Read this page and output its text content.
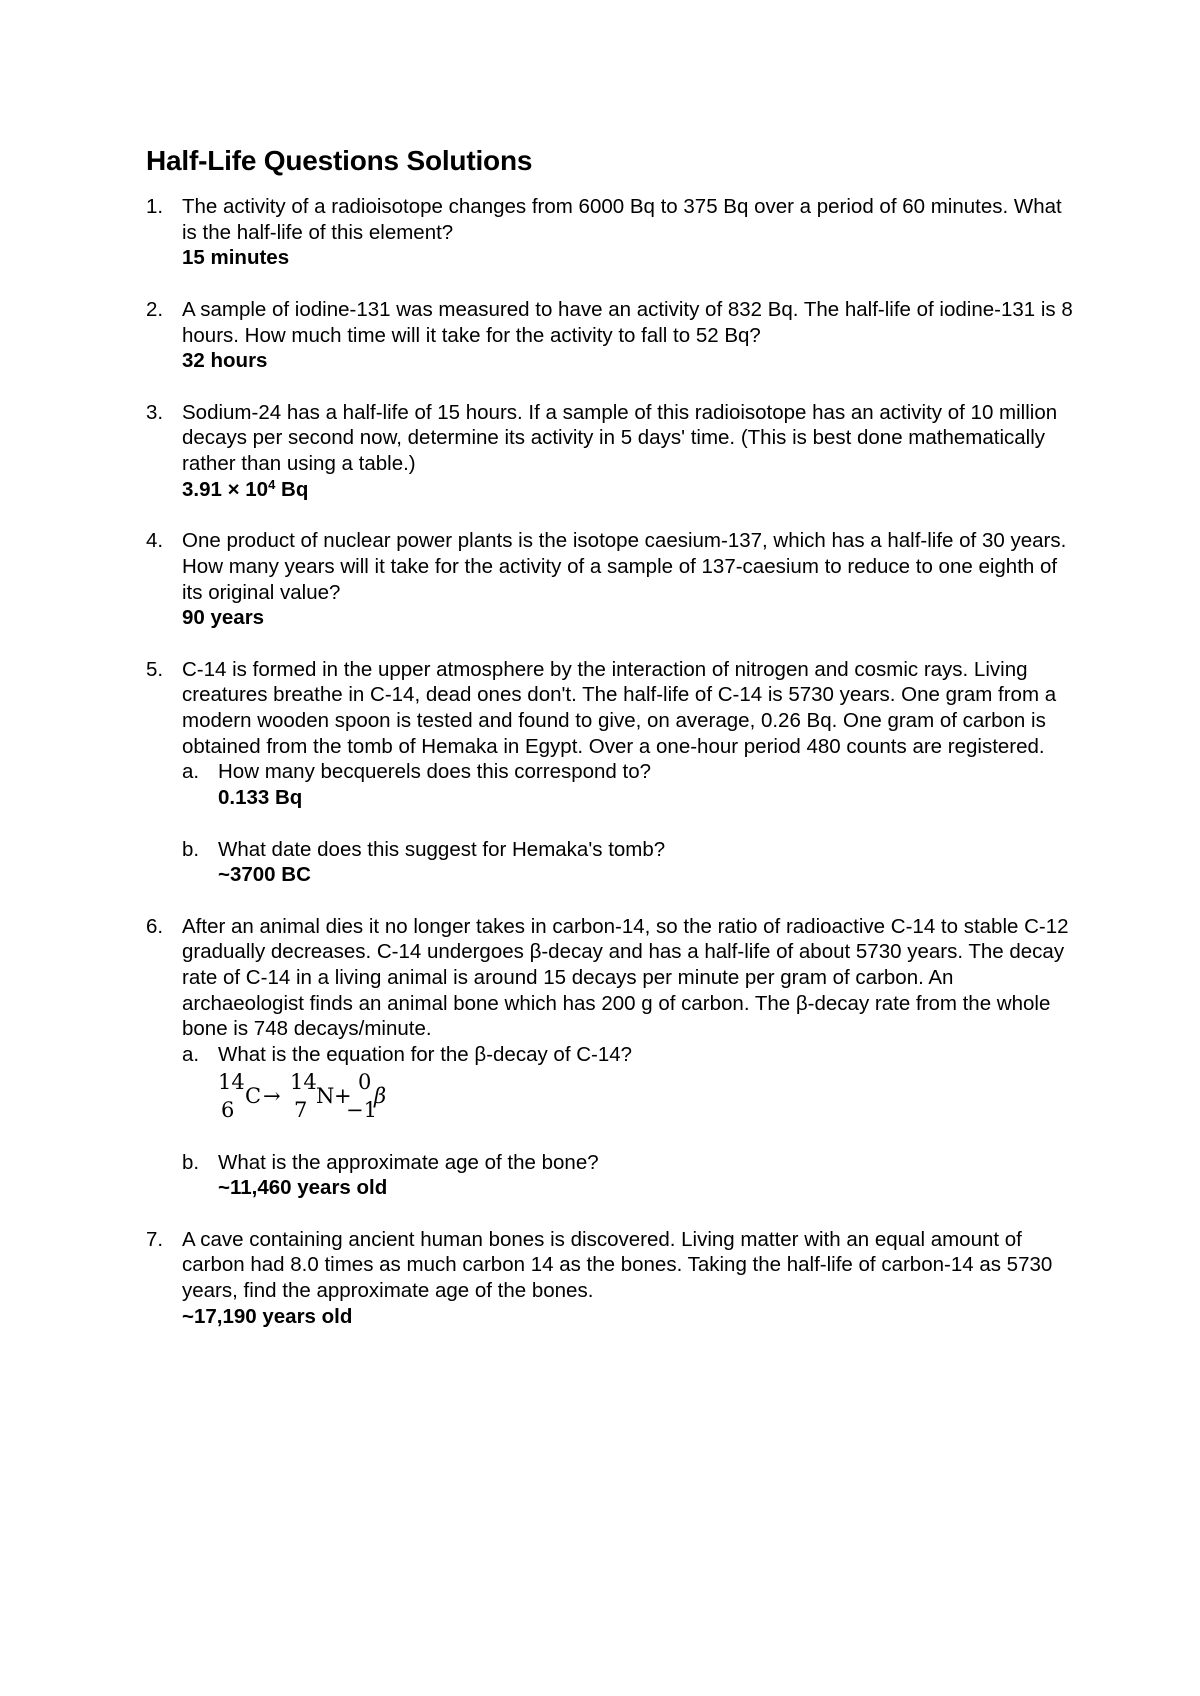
Half-Life Questions Solutions
1. The activity of a radioisotope changes from 6000 Bq to 375 Bq over a period of 60 minutes. What is the half-life of this element?
15 minutes
2. A sample of iodine-131 was measured to have an activity of 832 Bq. The half-life of iodine-131 is 8 hours. How much time will it take for the activity to fall to 52 Bq?
32 hours
3. Sodium-24 has a half-life of 15 hours. If a sample of this radioisotope has an activity of 10 million decays per second now, determine its activity in 5 days' time. (This is best done mathematically rather than using a table.)
$3.91 \times 10^4$ Bq
4. One product of nuclear power plants is the isotope caesium-137, which has a half-life of 30 years. How many years will it take for the activity of a sample of 137-caesium to reduce to one eighth of its original value?
90 years
5. C-14 is formed in the upper atmosphere by the interaction of nitrogen and cosmic rays. Living creatures breathe in C-14, dead ones don't. The half-life of C-14 is 5730 years. One gram from a modern wooden spoon is tested and found to give, on average, 0.26 Bq. One gram of carbon is obtained from the tomb of Hemaka in Egypt. Over a one-hour period 480 counts are registered.
a. How many becquerels does this correspond to?
0.133 Bq
b. What date does this suggest for Hemaka's tomb?
~3700 BC
6. After an animal dies it no longer takes in carbon-14, so the ratio of radioactive C-14 to stable C-12 gradually decreases. C-14 undergoes β-decay and has a half-life of about 5730 years. The decay rate of C-14 in a living animal is around 15 decays per minute per gram of carbon. An archaeologist finds an animal bone which has 200 g of carbon. The β-decay rate from the whole bone is 748 decays/minute.
a. What is the equation for the β-decay of C-14?
14
6
C →
14
7
N +
0
−1
β
b. What is the approximate age of the bone?
~11,460 years old
7. A cave containing ancient human bones is discovered. Living matter with an equal amount of carbon had 8.0 times as much carbon 14 as the bones. Taking the half-life of carbon-14 as 5730 years, find the approximate age of the bones.
~17,190 years old
